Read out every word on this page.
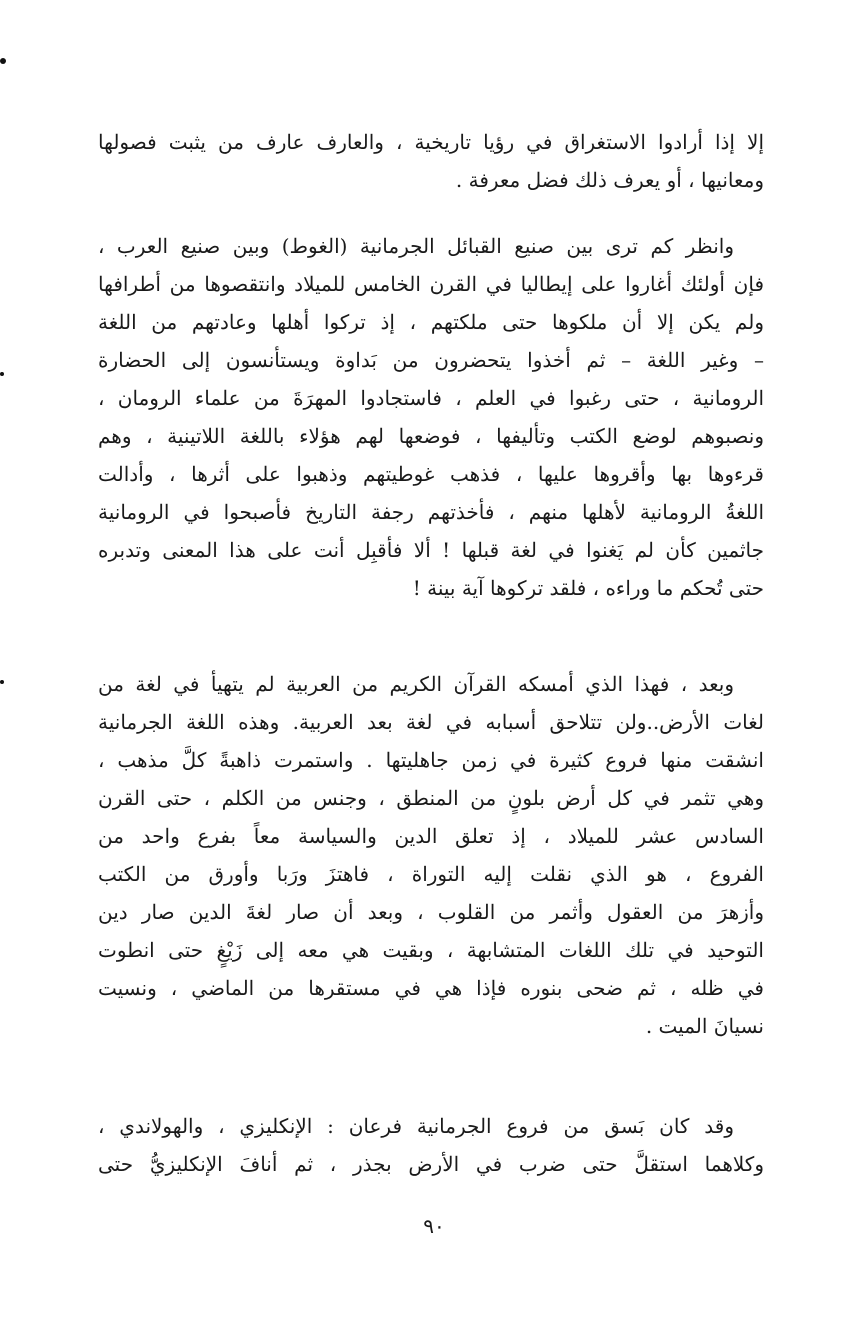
إلا إذا أرادوا الاستغراق في رؤيا تاريخية ، والعارف عارف من يثبت فصولها
ومعانيها ، أو يعرف ذلك فضل معرفة .
وانظر كم ترى بين صنيع القبائل الجرمانية (الغوط) وبين صنيع العرب ،
فإن أولئك أغاروا على إيطاليا في القرن الخامس للميلاد وانتقصوها من أطرافها
ولم يكن إلا أن ملكوها حتى ملكتهم ، إذ تركوا أهلها وعادتهم من اللغة
– وغير اللغة – ثم أخذوا يتحضرون من بَداوة ويستأنسون إلى الحضارة
الرومانية ، حتى رغبوا في العلم ، فاستجادوا المهرَةَ من علماء الرومان ،
ونصبوهم لوضع الكتب وتأليفها ، فوضعها لهم هؤلاء باللغة اللاتينية ، وهم
قرءوها بها وأقروها عليها ، فذهب غوطيتهم وذهبوا على أثرها ، وأدالت
اللغةُ الرومانية لأهلها منهم ، فأخذتهم رجفة التاريخ فأصبحوا في الرومانية
جاثمين كأن لم يَغنوا في لغة قبلها ! ألا فأقبِل أنت على هذا المعنى وتدبره
حتى تُحكم ما وراءه ، فلقد تركوها آية بينة !
وبعد ، فهذا الذي أمسكه القرآن الكريم من العربية لم يتهيأ في لغة من
لغات الأرض..ولن تتلاحق أسبابه في لغة بعد العربية. وهذه اللغة الجرمانية
انشقت منها فروع كثيرة في زمن جاهليتها . واستمرت ذاهبةً كلَّ مذهب ،
وهي تثمر في كل أرض بلونٍ من المنطق ، وجنس من الكلم ، حتى القرن
السادس عشر للميلاد ، إذ تعلق الدين والسياسة معاً بفرع واحد من
الفروع ، هو الذي نقلت إليه التوراة ، فاهتزَ ورَبا وأورق من الكتب
وأزهرَ من العقول وأثمر من القلوب ، وبعد أن صار لغةَ الدين صار دين
التوحيد في تلك اللغات المتشابهة ، وبقيت هي معه إلى زَيْغٍ حتى انطوت
في ظله ، ثم ضحى بنوره فإذا هي في مستقرها من الماضي ، ونسيت
نسيانَ الميت .
وقد كان بَسق من فروع الجرمانية فرعان : الإنكليزي ، والهولاندي ،
وكلاهما استقلَّ حتى ضرب في الأرض بجذر ، ثم أنافَ الإنكليزيُّ حتى
٩٠
